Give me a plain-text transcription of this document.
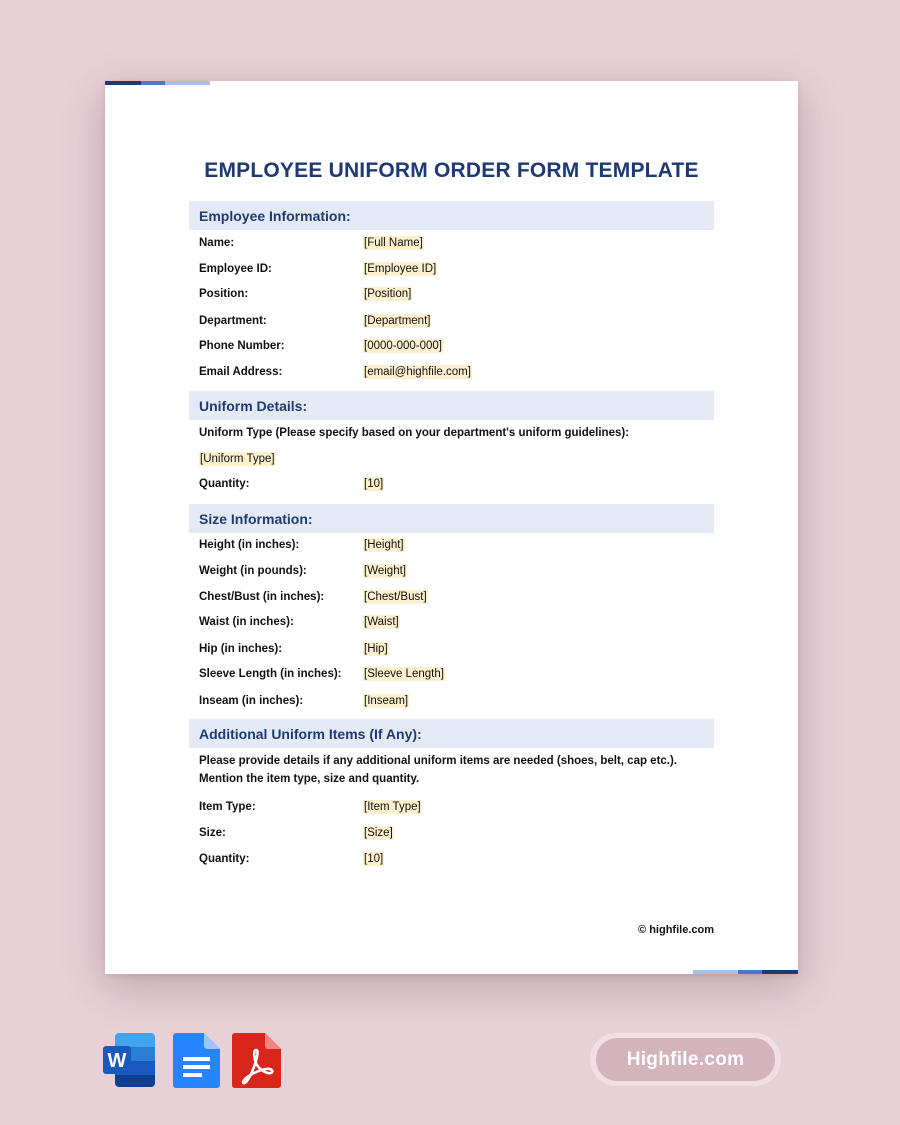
EMPLOYEE UNIFORM ORDER FORM TEMPLATE
Employee Information:
Name:	[Full Name]
Employee ID:	[Employee ID]
Position:	[Position]
Department:	[Department]
Phone Number:	[0000-000-000]
Email Address:	[email@highfile.com]
Uniform Details:
Uniform Type (Please specify based on your department's uniform guidelines):
[Uniform Type]
Quantity:	[10]
Size Information:
Height (in inches):	[Height]
Weight (in pounds):	[Weight]
Chest/Bust (in inches):	[Chest/Bust]
Waist (in inches):	[Waist]
Hip (in inches):	[Hip]
Sleeve Length (in inches):	[Sleeve Length]
Inseam (in inches):	[Inseam]
Additional Uniform Items (If Any):
Please provide details if any additional uniform items are needed (shoes, belt, cap etc.). Mention the item type, size and quantity.
Item Type:	[Item Type]
Size:	[Size]
Quantity:	[10]
© highfile.com
W	Highfile.com
